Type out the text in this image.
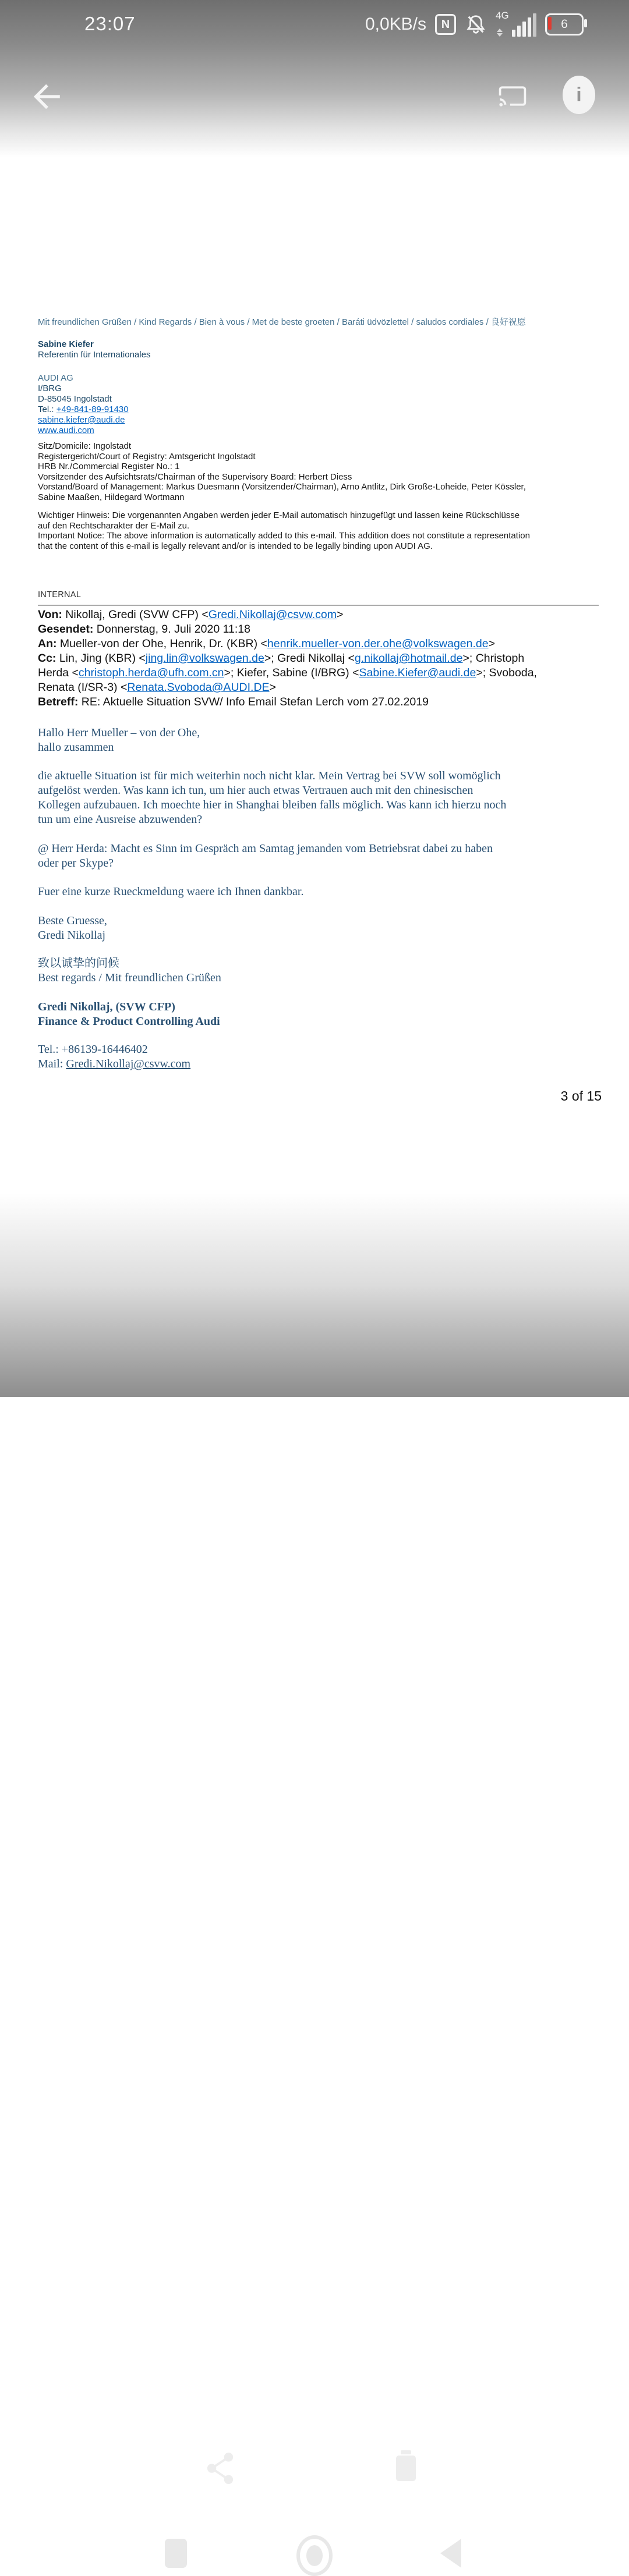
Mit freundlichen Grüßen / Kind Regards / Bien à vous / Met de beste groeten / Baráti üdvözlettel / saludos cordiales / 良好祝愿
Sabine Kiefer
Referentin für Internationales
AUDI AG
I/BRG
D-85045 Ingolstadt
Tel.: +49-841-89-91430
sabine.kiefer@audi.de
www.audi.com
Sitz/Domicile: Ingolstadt
Registergericht/Court of Registry: Amtsgericht Ingolstadt
HRB Nr./Commercial Register No.: 1
Vorsitzender des Aufsichtsrats/Chairman of the Supervisory Board: Herbert Diess
Vorstand/Board of Management: Markus Duesmann (Vorsitzender/Chairman), Arno Antlitz, Dirk Große-Loheide, Peter Kössler,
Sabine Maaßen, Hildegard Wortmann
Wichtiger Hinweis: Die vorgenannten Angaben werden jeder E-Mail automatisch hinzugefügt und lassen keine Rückschlüsse
auf den Rechtscharakter der E-Mail zu.
Important Notice: The above information is automatically added to this e-mail. This addition does not constitute a representation
that the content of this e-mail is legally relevant and/or is intended to be legally binding upon AUDI AG.
INTERNAL
Von: Nikollaj, Gredi (SVW CFP) <Gredi.Nikollaj@csvw.com>
Gesendet: Donnerstag, 9. Juli 2020 11:18
An: Mueller-von der Ohe, Henrik, Dr. (KBR) <henrik.mueller-von.der.ohe@volkswagen.de>
Cc: Lin, Jing (KBR) <jing.lin@volkswagen.de>; Gredi Nikollaj <g.nikollaj@hotmail.de>; Christoph
Herda <christoph.herda@ufh.com.cn>; Kiefer, Sabine (I/BRG) <Sabine.Kiefer@audi.de>; Svoboda,
Renata (I/SR-3) <Renata.Svoboda@AUDI.DE>
Betreff: RE: Aktuelle Situation SVW/ Info Email Stefan Lerch vom 27.02.2019
Hallo Herr Mueller – von der Ohe,
hallo zusammen
die aktuelle Situation ist für mich weiterhin noch nicht klar. Mein Vertrag bei SVW soll womöglich
aufgelöst werden. Was kann ich tun, um hier auch etwas Vertrauen auch mit den chinesischen
Kollegen aufzubauen. Ich moechte hier in Shanghai bleiben falls möglich. Was kann ich hierzu noch
tun um eine Ausreise abzuwenden?
@ Herr Herda: Macht es Sinn im Gespräch am Samtag jemanden vom Betriebsrat dabei zu haben
oder per Skype?
Fuer eine kurze Rueckmeldung waere ich Ihnen dankbar.
Beste Gruesse,
Gredi Nikollaj
致以诚挚的问候
Best regards / Mit freundlichen Grüßen
Gredi Nikollaj, (SVW CFP)
Finance & Product Controlling Audi
Tel.: +86139-16446402
Mail: Gredi.Nikollaj@csvw.com
3 of 15
23:07	0,0KB/s N
4G
6
i
